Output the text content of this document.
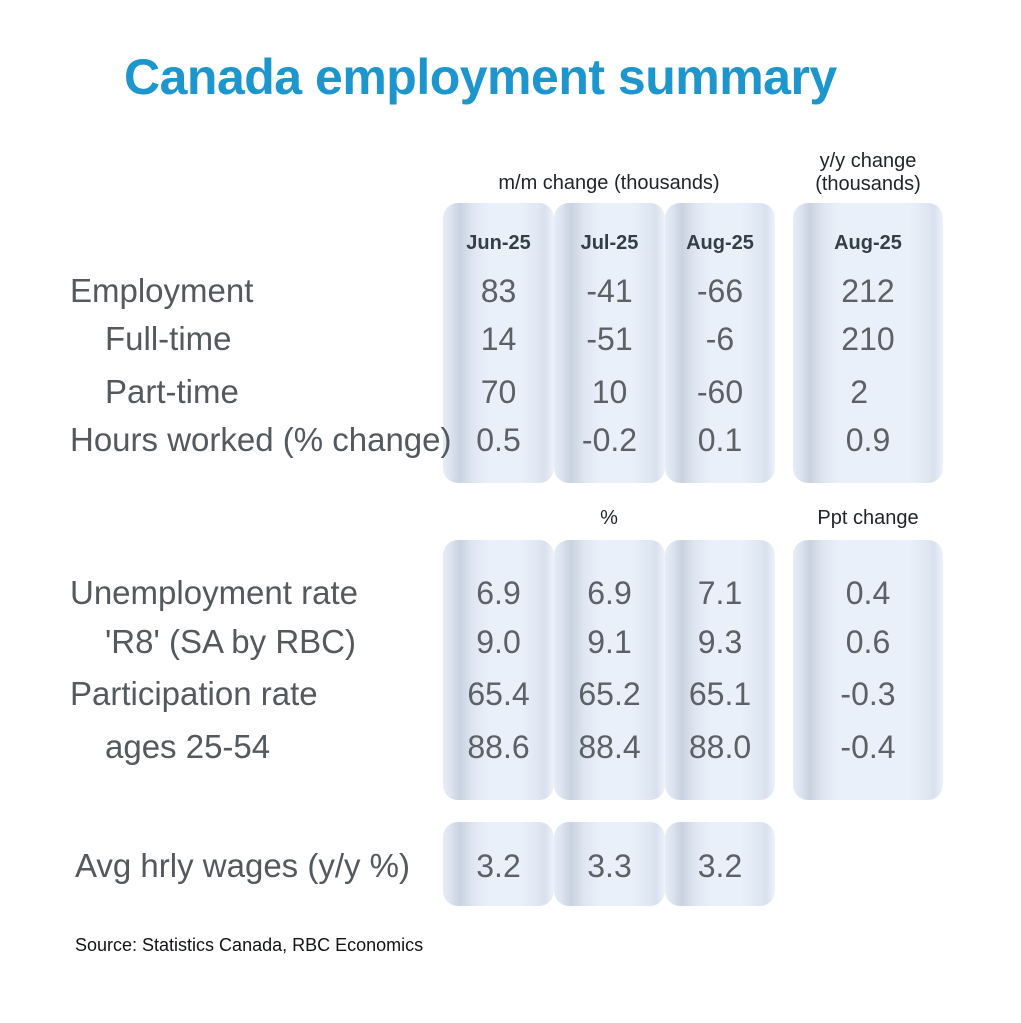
Canada employment summary
m/m change (thousands)
y/y change
(thousands)
Jun-25	Jul-25	Aug-25	Aug-25
Employment	83	-41	-66	212
Full-time	14	-51	-6	210
Part-time	70	10	-60	2
Hours worked (% change) 0.5	-0.2	0.1	0.9
%	Ppt change
Unemployment rate	6.9	6.9	7.1	0.4
'R8' (SA by RBC)	9.0	9.1	9.3	0.6
Participation rate	65.4	65.2	65.1	-0.3
ages 25-54	88.6	88.4	88.0	-0.4
Avg hrly wages (y/y %)	3.2	3.3	3.2
Source: Statistics Canada, RBC Economics
